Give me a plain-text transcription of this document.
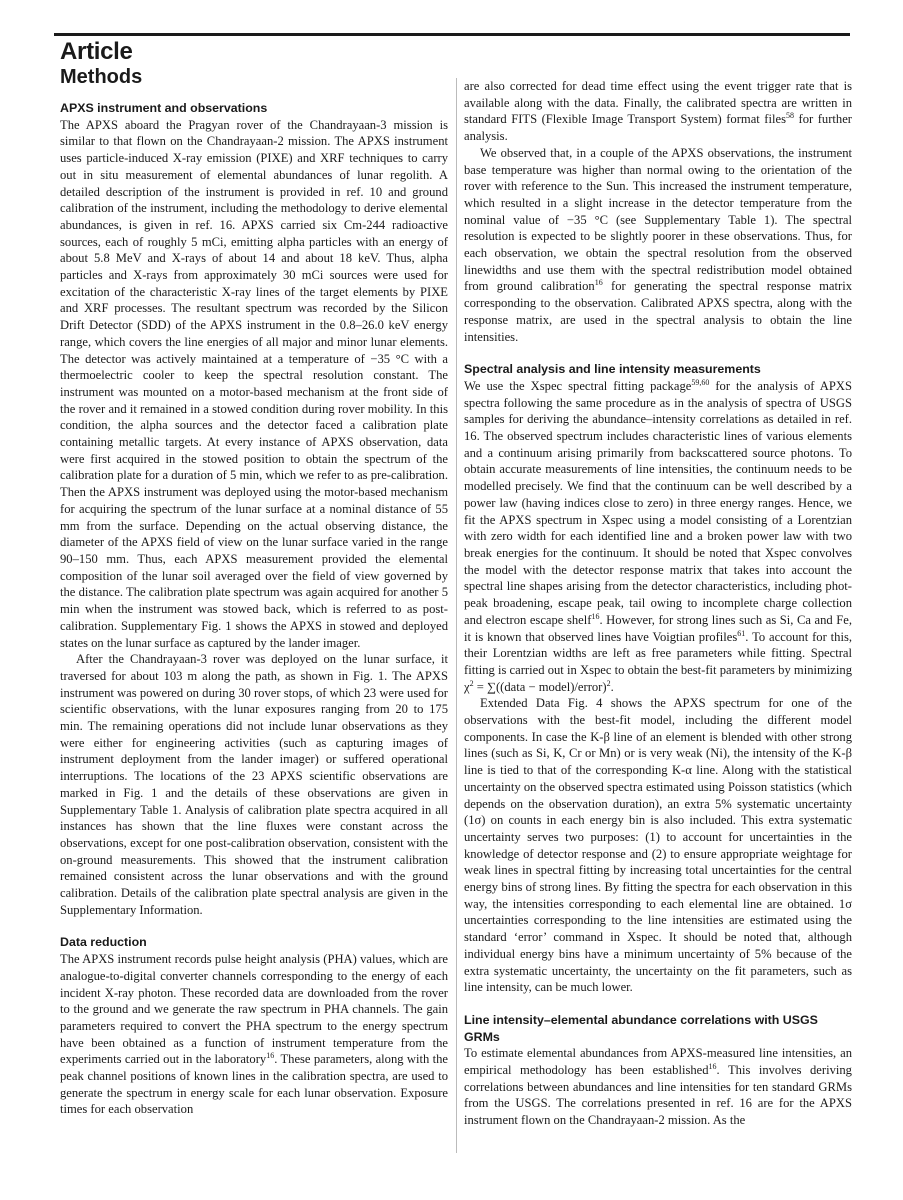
Article
Methods

APXS instrument and observations

The APXS aboard the Pragyan rover of the Chandrayaan-3 mission is similar to that flown on the Chandrayaan-2 mission. The APXS instrument uses particle-induced X-ray emission (PIXE) and XRF techniques to carry out in situ measurement of elemental abundances of lunar regolith. A detailed description of the instrument is provided in ref. 10 and ground calibration of the instrument, including the methodology to derive elemental abundances, is given in ref. 16. APXS carried six Cm-244 radioactive sources, each of roughly 5 mCi, emitting alpha particles with an energy of about 5.8 MeV and X-rays of about 14 and about 18 keV. Thus, alpha particles and X-rays from approximately 30 mCi sources were used for excitation of the characteristic X-ray lines of the target elements by PIXE and XRF processes. The resultant spectrum was recorded by the Silicon Drift Detector (SDD) of the APXS instrument in the 0.8–26.0 keV energy range, which covers the line energies of all major and minor lunar elements. The detector was actively maintained at a temperature of −35 °C with a thermoelectric cooler to keep the spectral resolution constant. The instrument was mounted on a motor-based mechanism at the front side of the rover and it remained in a stowed condition during rover mobility. In this condition, the alpha sources and the detector faced a calibration plate containing metallic targets. At every instance of APXS observation, data were first acquired in the stowed position to obtain the spectrum of the calibration plate for a duration of 5 min, which we refer to as pre-calibration. Then the APXS instrument was deployed using the motor-based mechanism for acquiring the spectrum of the lunar surface at a nominal distance of 55 mm from the surface. Depending on the actual observing distance, the diameter of the APXS field of view on the lunar surface varied in the range 90–150 mm. Thus, each APXS measurement provided the elemental composition of the lunar soil averaged over the field of view governed by the distance. The calibration plate spectrum was again acquired for another 5 min when the instrument was stowed back, which is referred to as post-calibration. Supplementary Fig. 1 shows the APXS in stowed and deployed states on the lunar surface as captured by the lander imager.

After the Chandrayaan-3 rover was deployed on the lunar surface, it traversed for about 103 m along the path, as shown in Fig. 1. The APXS instrument was powered on during 30 rover stops, of which 23 were used for scientific observations, with the lunar exposures ranging from 20 to 175 min. The remaining operations did not include lunar observations as they were either for engineering activities (such as capturing images of instrument deployment from the lander imager) or suffered operational interruptions. The locations of the 23 APXS scientific observations are marked in Fig. 1 and the details of these observations are given in Supplementary Table 1. Analysis of calibration plate spectra acquired in all instances has shown that the line fluxes were constant across the observations, except for one post-calibration observation, consistent with the on-ground measurements. This showed that the instrument calibration remained consistent across the lunar observations and with the ground calibration. Details of the calibration plate spectral analysis are given in the Supplementary Information.

Data reduction

The APXS instrument records pulse height analysis (PHA) values, which are analogue-to-digital converter channels corresponding to the energy of each incident X-ray photon. These recorded data are downloaded from the rover to the ground and we generate the raw spectrum in PHA channels. The gain parameters required to convert the PHA spectrum to the energy spectrum have been obtained as a function of instrument temperature from the experiments carried out in the laboratory$^{16}$. These parameters, along with the peak channel positions of known lines in the calibration spectra, are used to generate the spectrum in energy scale for each lunar observation. Exposure times for each observation

are also corrected for dead time effect using the event trigger rate that is available along with the data. Finally, the calibrated spectra are written in standard FITS (Flexible Image Transport System) format files$^{58}$ for further analysis.

We observed that, in a couple of the APXS observations, the instrument base temperature was higher than normal owing to the orientation of the rover with reference to the Sun. This increased the instrument temperature, which resulted in a slight increase in the detector temperature from the nominal value of −35 °C (see Supplementary Table 1). The spectral resolution is expected to be slightly poorer in these observations. Thus, for each observation, we obtain the spectral resolution from the observed linewidths and use them with the spectral redistribution model obtained from ground calibration$^{16}$ for generating the spectral response matrix corresponding to the observation. Calibrated APXS spectra, along with the response matrix, are used in the spectral analysis to obtain the line intensities.

Spectral analysis and line intensity measurements

We use the Xspec spectral fitting package$^{59,60}$ for the analysis of APXS spectra following the same procedure as in the analysis of spectra of USGS samples for deriving the abundance–intensity correlations as detailed in ref. 16. The observed spectrum includes characteristic lines of various elements and a continuum arising primarily from backscattered source photons. To obtain accurate measurements of line intensities, the continuum needs to be modelled precisely. We find that the continuum can be well described by a power law (having indices close to zero) in three energy ranges. Hence, we fit the APXS spectrum in Xspec using a model consisting of a Lorentzian with zero width for each identified line and a broken power law with two break energies for the continuum. It should be noted that Xspec convolves the model with the detector response matrix that takes into account the spectral line shapes arising from the detector characteristics, including phot-peak broadening, escape peak, tail owing to incomplete charge collection and electron escape shelf$^{16}$. However, for strong lines such as Si, Ca and Fe, it is known that observed lines have Voigtian profiles$^{61}$. To account for this, their Lorentzian widths are left as free parameters while fitting. Spectral fitting is carried out in Xspec to obtain the best-fit parameters by minimizing $\chi^2$ = ∑((data − model)/error)$^2$.

Extended Data Fig. 4 shows the APXS spectrum for one of the observations with the best-fit model, including the different model components. In case the K-β line of an element is blended with other strong lines (such as Si, K, Cr or Mn) or is very weak (Ni), the intensity of the K-β line is tied to that of the corresponding K-α line. Along with the statistical uncertainty on the observed spectra estimated using Poisson statistics (which depends on the observation duration), an extra 5% systematic uncertainty (1σ) on counts in each energy bin is also included. This extra systematic uncertainty serves two purposes: (1) to account for uncertainties in the knowledge of detector response and (2) to ensure appropriate weightage for weak lines in spectral fitting by increasing total uncertainties for the central energy bins of strong lines. By fitting the spectra for each observation in this way, the intensities corresponding to each elemental line are obtained. 1σ uncertainties corresponding to the line intensities are estimated using the standard ‘error’ command in Xspec. It should be noted that, although individual energy bins have a minimum uncertainty of 5% because of the extra systematic uncertainty, the uncertainty on the fit parameters, such as line intensity, can be much lower.

Line intensity–elemental abundance correlations with USGS GRMs

To estimate elemental abundances from APXS-measured line intensities, an empirical methodology has been established$^{16}$. This involves deriving correlations between abundances and line intensities for ten standard GRMs from the USGS. The correlations presented in ref. 16 are for the APXS instrument flown on the Chandrayaan-2 mission. As the
